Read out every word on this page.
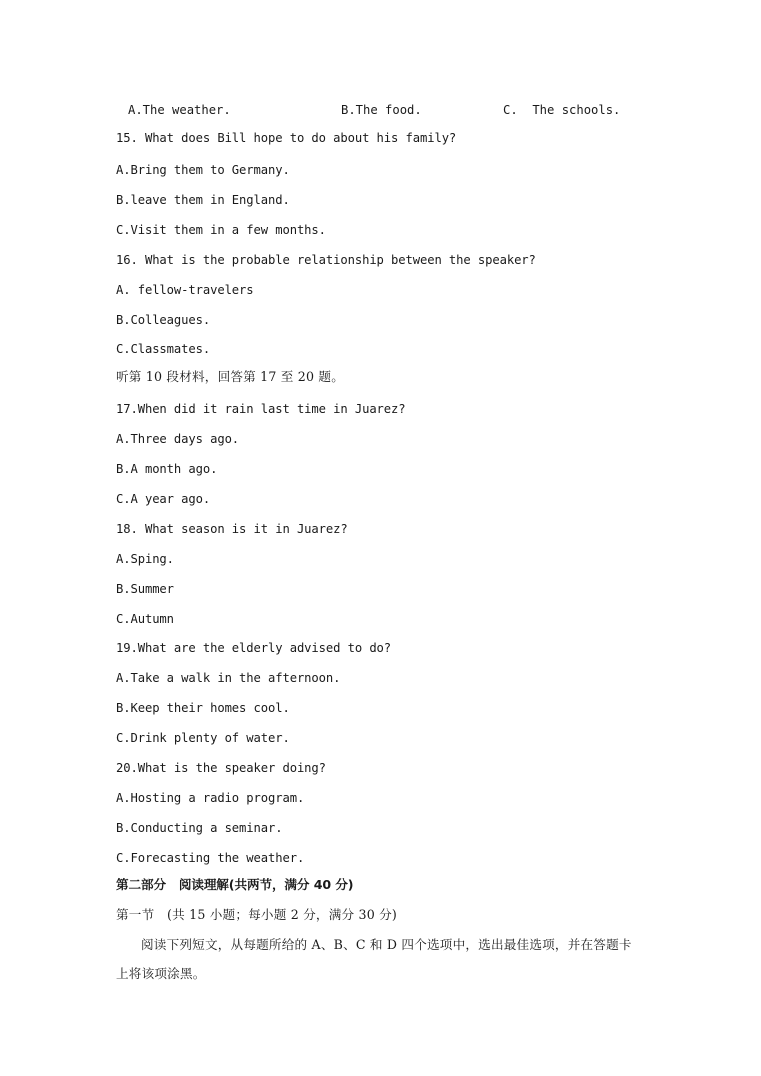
A.The weather.	B.The food.	C.  The schools.
15. What does Bill hope to do about his family?
A.Bring them to Germany.
B.leave them in England.
C.Visit them in a few months.
16. What is the probable relationship between the speaker?
A. fellow-travelers
B.Colleagues.
C.Classmates.
听第 10 段材料，回答第 17 至 20 题。
17.When did it rain last time in Juarez?
A.Three days ago.
B.A month ago.
C.A year ago.
18. What season is it in Juarez?
A.Sping.
B.Summer
C.Autumn
19.What are the elderly advised to do?
A.Take a walk in the afternoon.
B.Keep their homes cool.
C.Drink plenty of water.
20.What is the speaker doing?
A.Hosting a radio program.
B.Conducting a seminar.
C.Forecasting the weather.
第二部分   阅读理解(共两节，满分 40 分)
第一节   (共 15 小题；每小题 2 分，满分 30 分)
阅读下列短文，从每题所给的 A、B、C 和 D 四个选项中，选出最佳选项，并在答题卡
上将该项涂黑。
